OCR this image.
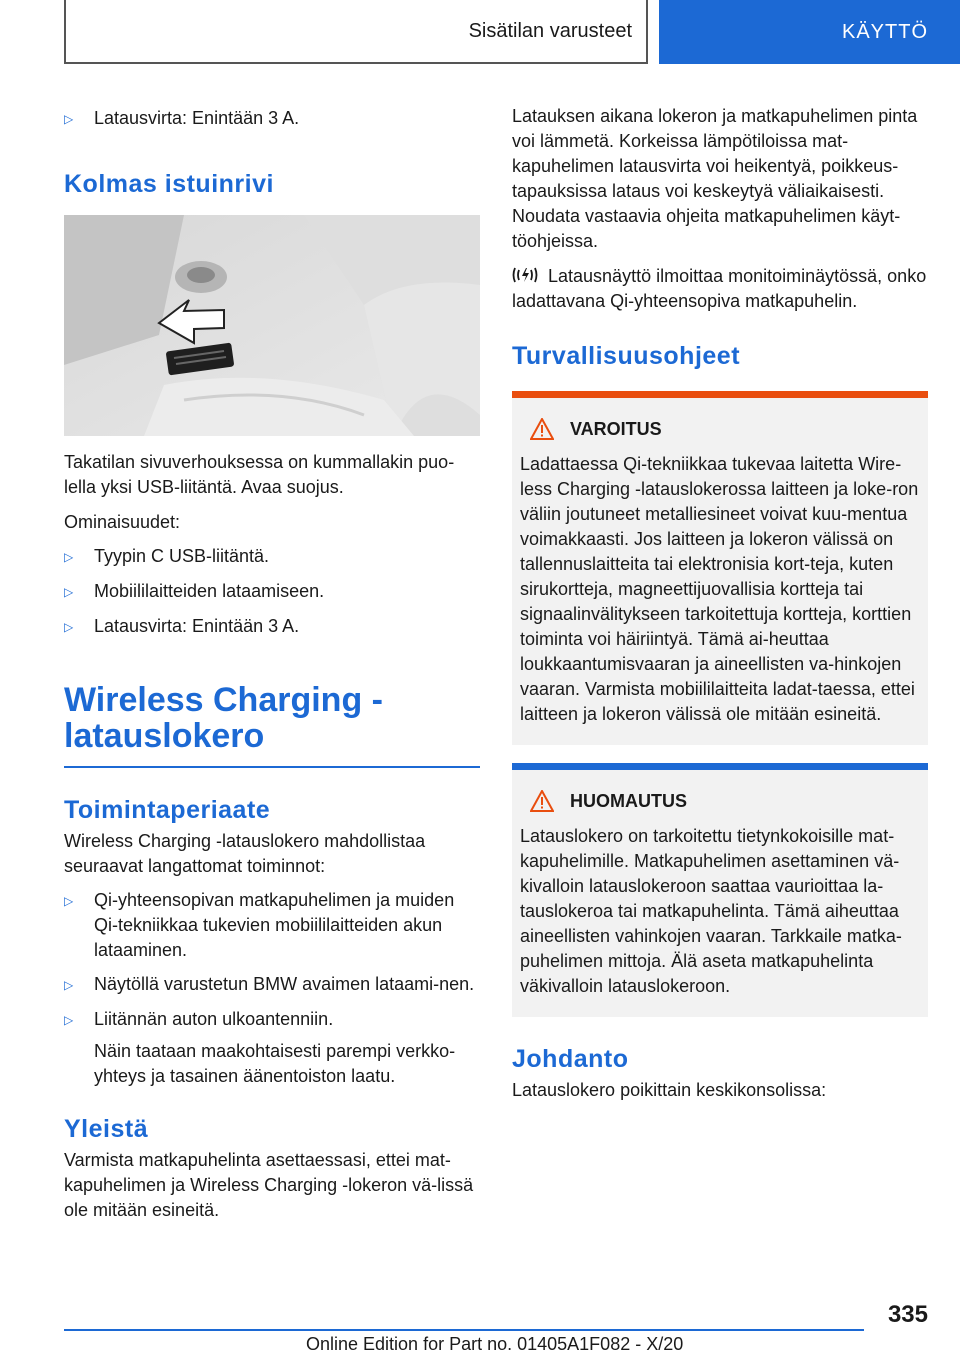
Sisätilan varusteet	KÄYTTÖ
▷	Latausvirta: Enintään 3 A.
Kolmas istuinrivi

Takatilan sivuverhouksessa on kummallakin puo‐lella yksi USB-liitäntä. Avaa suojus.

Ominaisuudet:

▷	Tyypin C USB-liitäntä.
▷	Mobiililaitteiden lataamiseen.
▷	Latausvirta: Enintään 3 A.
Wireless Charging -latauslokero
Toimintaperiaate

Wireless Charging -latauslokero mahdollistaa seuraavat langattomat toiminnot:

▷	Qi-yhteensopivan matkapuhelimen ja muiden Qi-tekniikkaa tukevien mobiililaitteiden akun lataaminen.
▷	Näytöllä varustetun BMW avaimen lataami‐nen.
▷	Liitännän auton ulkoantenniin.

Näin taataan maakohtaisesti parempi verkko‐yhteys ja tasainen äänentoiston laatu.

Yleistä

Varmista matkapuhelinta asettaessasi, ettei mat‐kapuhelimen ja Wireless Charging -lokeron vä‐lissä ole mitään esineitä.

Latauksen aikana lokeron ja matkapuhelimen pinta voi lämmetä. Korkeissa lämpötiloissa mat‐kapuhelimen latausvirta voi heikentyä, poikkeus‐tapauksissa lataus voi keskeytyä väliaikaisesti. Noudata vastaavia ohjeita matkapuhelimen käyt‐töohjeissa.

Latausnäyttö ilmoittaa monitoiminäytössä, onko ladattavana Qi-yhteensopiva matkapuhelin.
Turvallisuusohjeet
VAROITUS
Ladattaessa Qi-tekniikkaa tukevaa laitetta Wire‐less Charging -latauslokerossa laitteen ja loke‐ron väliin joutuneet metalliesineet voivat kuu‐mentua voimakkaasti. Jos laitteen ja lokeron välissä on tallennuslaitteita tai elektronisia kort‐teja, kuten sirukortteja, magneettijuovallisia kortteja tai signaalinvälitykseen tarkoitettuja kortteja, korttien toiminta voi häiriintyä. Tämä ai‐heuttaa loukkaantumisvaaran ja aineellisten va‐hinkojen vaaran. Varmista mobiililaitteita ladat‐taessa, ettei laitteen ja lokeron välissä ole mitään esineitä.
HUOMAUTUS
Latauslokero on tarkoitettu tietynkokoisille mat‐kapuhelimille. Matkapuhelimen asettaminen vä‐kivalloin latauslokeroon saattaa vaurioittaa la‐tauslokeroa tai matkapuhelinta. Tämä aiheuttaa aineellisten vahinkojen vaaran. Tarkkaile matka‐puhelimen mittoja. Älä aseta matkapuhelinta väkivalloin latauslokeroon.
Johdanto

Latauslokero poikittain keskikonsolissa:

335
Online Edition for Part no. 01405A1F082 - X/20
